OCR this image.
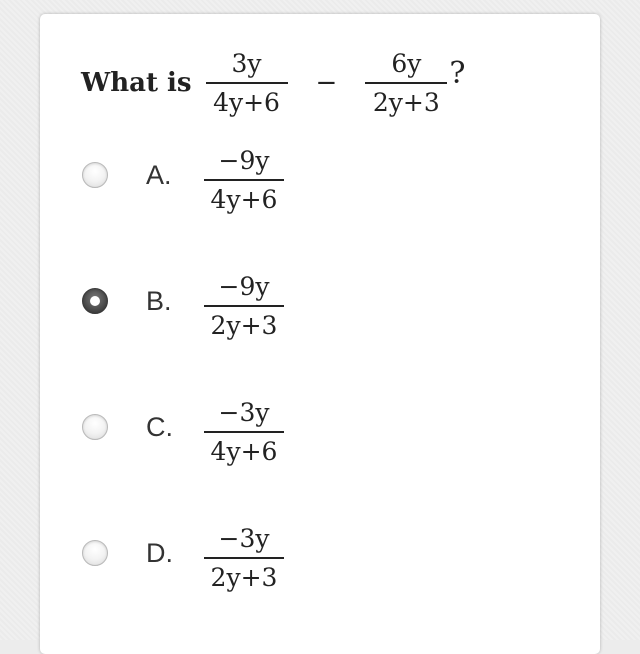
What is $\frac{3y}{4y+6} - \frac{6y}{2y+3}$ ?
A. −9y
4y+6
B. −9y
2y+3
C. −3y
4y+6
D. −3y
2y+3
